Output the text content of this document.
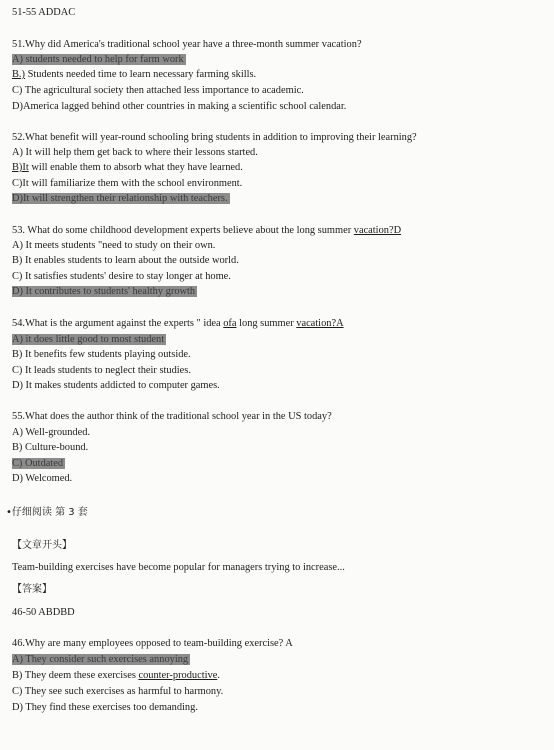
51-55 ADDAC
51.Why did America's traditional school year have a three-month summer vacation?
A) students needed to help for farm work
B.) Students needed time to learn necessary farming skills.
C) The agricultural society then attached less importance to academic.
D)America lagged behind other countries in making a scientific school calendar.
52.What benefit will year-round schooling bring students in addition to improving their learning?
A) It will help them get back to where their lessons started.
B)It will enable them to absorb what they have learned.
C)It will familiarize them with the school environment.
D)It will strengthen their relationship with teachers.
53. What do some childhood development experts believe about the long summer vacation?D
A) It meets students "need to study on their own.
B) It enables students to learn about the outside world.
C) It satisfies students' desire to stay longer at home.
D) It contributes to students' healthy growth
54.What is the argument against the experts " idea ofa long summer vacation?A
A) it does little good to most student
B) It benefits few students playing outside.
C) It leads students to neglect their studies.
D) It makes students addicted to computer games.
55.What does the author think of the traditional school year in the US today?
A) Well-grounded.
B) Culture-bound.
C) Outdated
D) Welcomed.
•仔细阅读 第 3 套
【文章开头】
Team-building exercises have become popular for managers trying to increase...
【答案】
46-50 ABDBD
46.Why are many employees opposed to team-building exercise? A
A) They consider such exercises annoying
B) They deem these exercises counter-productive.
C) They see such exercises as harmful to harmony.
D) They find these exercises too demanding.
